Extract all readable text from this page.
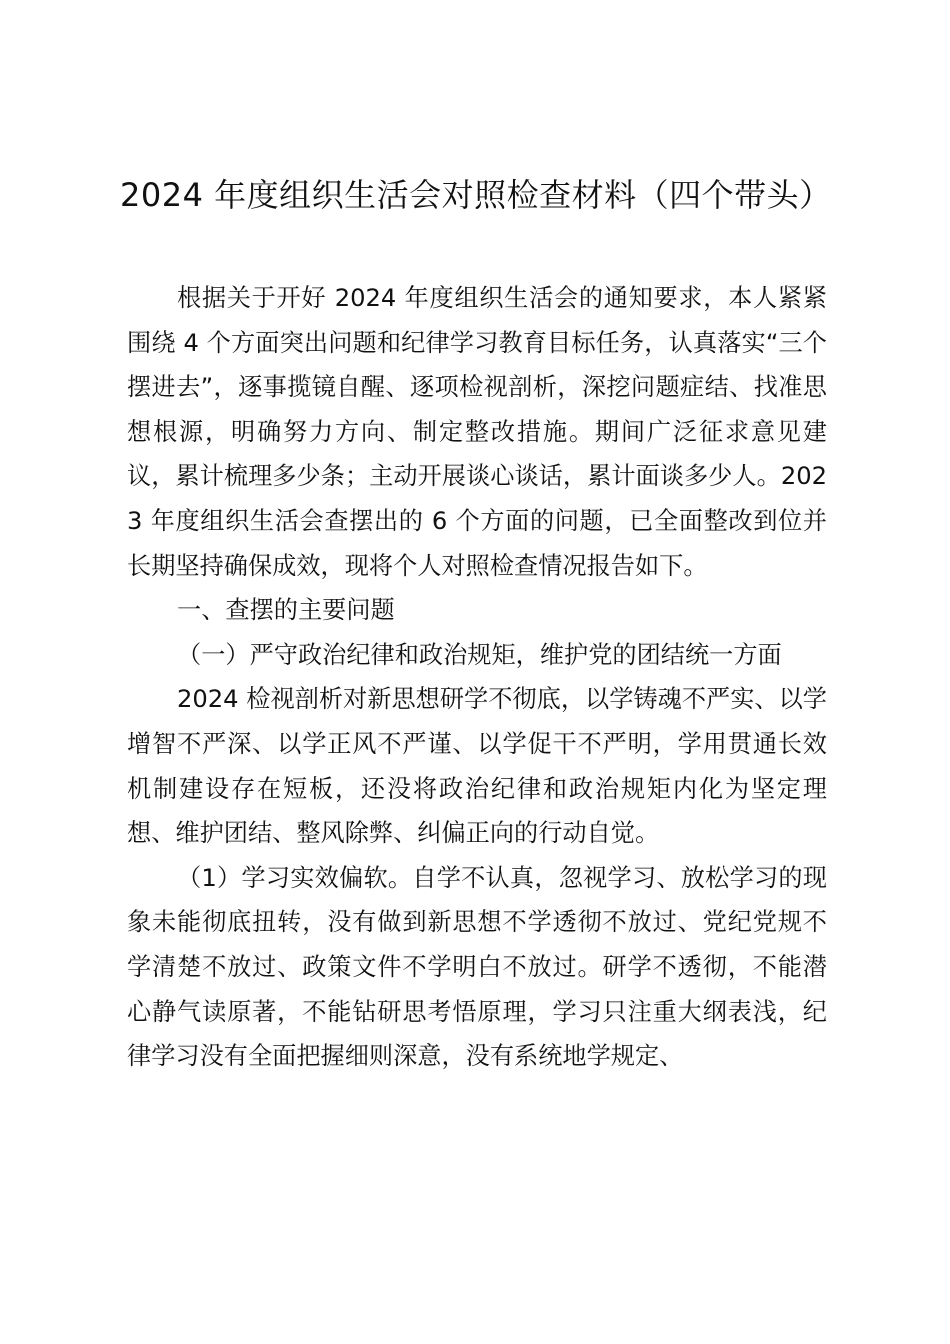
2024 年度组织生活会对照检查材料（四个带头）

根据关于开好 2024 年度组织生活会的通知要求，本人紧紧围绕 4 个方面突出问题和纪律学习教育目标任务，认真落实“三个摆进去”，逐事揽镜自醒、逐项检视剖析，深挖问题症结、找准思想根源，明确努力方向、制定整改措施。期间广泛征求意见建议，累计梳理多少条；主动开展谈心谈话，累计面谈多少人。2023 年度组织生活会查摆出的 6 个方面的问题，已全面整改到位并长期坚持确保成效，现将个人对照检查情况报告如下。

一、查摆的主要问题

（一）严守政治纪律和政治规矩，维护党的团结统一方面

2024 检视剖析对新思想研学不彻底，以学铸魂不严实、以学增智不严深、以学正风不严谨、以学促干不严明，学用贯通长效机制建设存在短板，还没将政治纪律和政治规矩内化为坚定理想、维护团结、整风除弊、纠偏正向的行动自觉。

（1）学习实效偏软。自学不认真，忽视学习、放松学习的现象未能彻底扭转，没有做到新思想不学透彻不放过、党纪党规不学清楚不放过、政策文件不学明白不放过。研学不透彻，不能潜心静气读原著，不能钻研思考悟原理，学习只注重大纲表浅，纪律学习没有全面把握细则深意，没有系统地学规定、
